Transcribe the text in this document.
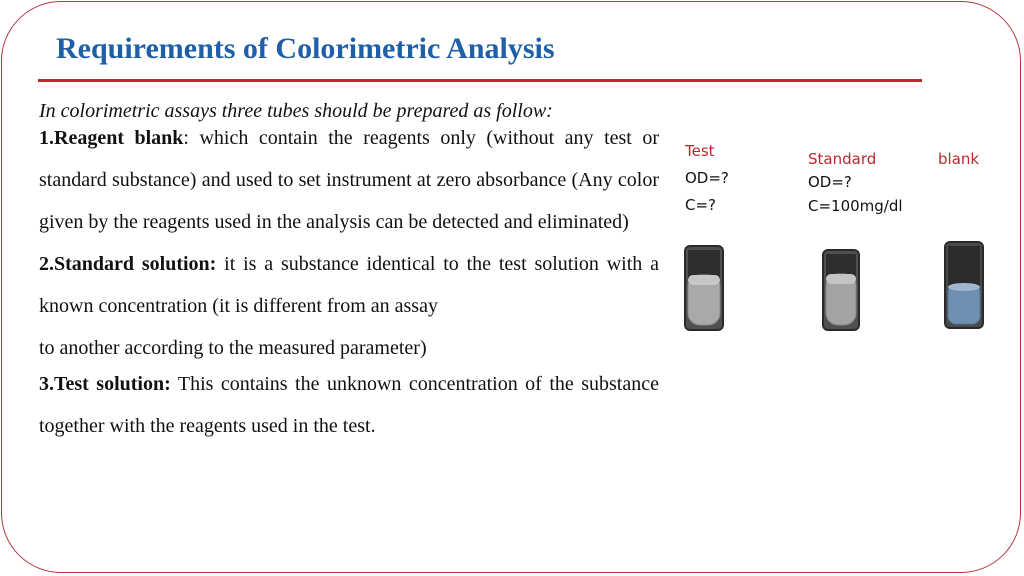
Requirements of Colorimetric Analysis

In colorimetric assays three tubes should be prepared as follow:

1.Reagent blank: which contain the reagents only (without any test or standard substance) and used to set instrument at zero absorbance (Any color given by the reagents used in the analysis can be detected and eliminated)

2.Standard solution: it is a substance identical to the test solution with a known concentration (it is different from an assay
to another according to the measured parameter)

3.Test solution: This contains the unknown concentration of the substance together with the reagents used in the test.

Test
OD=?
C=?
Standard
OD=?
C=100mg/dl
blank
